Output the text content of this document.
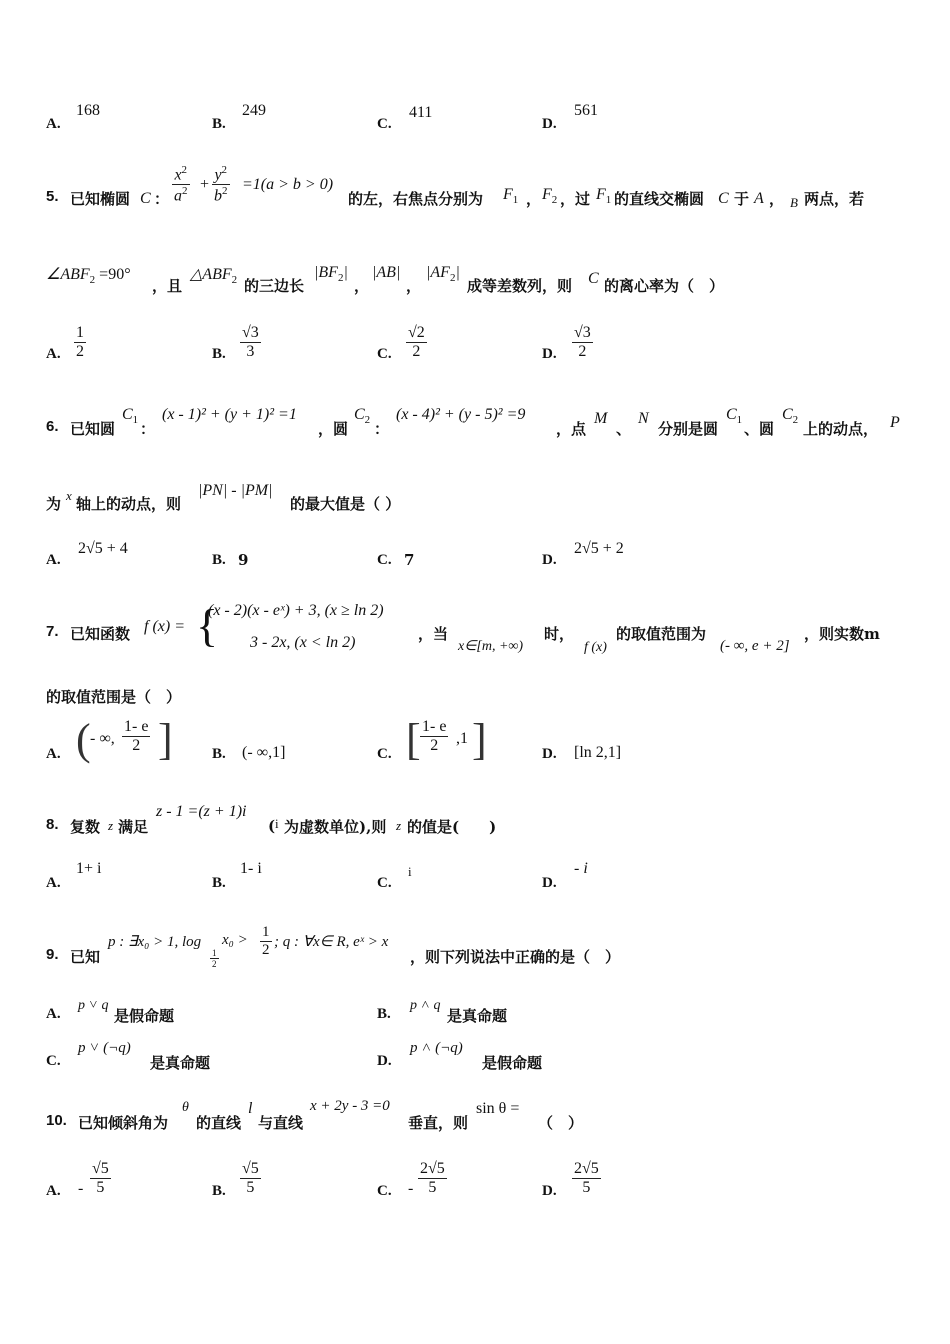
A.
168
B.
249
C.
411
D.
561
5. 已知椭圆 C ： $\frac{x^2}{a^2} + \frac{y^2}{b^2} =1(a > b > 0)$
的左，右焦点分别为 $F_1$ ， $F_2$ ，过 $F_1$ 的直线交椭圆 C 于 A ， B 两点，若
$\angle ABF_2 =90^\circ$
，且
$\triangle ABF_2$ 的三边长
$|BF_2|$
，
|AB|
，
$|AF_2|$
成等差数列，则 C 的离心率为（　）
A. $\frac{1}{2}$	B. $\frac{√3}{3}$	C. $\frac{√2}{2}$	D. $\frac{√3}{2}$
6. 已知圆
$C_1$ ：
(x - 1)² + (y + 1)² =1
，圆
$C_2$ ：
(x - 4)² + (y - 5)² =9
，点
M
、
N
分别是圆
$C_1$ 、圆
$C_2$ 上的动点， P
为 x 轴上的动点，则
|PN| - |PM|
的最大值是（ ）
A.
2√5 + 4
B. 9	C. 7	D.
2√5 + 2
7. 已知函数 f (x) = {
(x - 2)(x - eˣ) + 3, (x ≥ ln 2)
3 - 2x, (x < ln 2)	，当
x∈[m, +∞)
时，
f (x)
的取值范围为
(- ∞, e + 2]
，则实数m
的取值范围是（　）
A. ( - ∞, $\frac{1- e}{2}$ ]	B. (- ∞,1]	C. [ $\frac{1- e}{2} ,1$ ]	D. [ln 2,1]
8. 复数 z 满足
z - 1 =(z + 1)i
( i 为虚数单位),则 z 的值是(　　)
A.
1+ i
B.
1- i
C.
i
D.
- i
9. 已知
p : ∃x₀ > 1, log
$\frac{1}{2}$
$x_0 > \frac{1}{2}$ ; q : ∀x∈ R, eˣ > x
，则下列说法中正确的是（　）
A.
p ˅ q
是假命题	B.
p ˄ q
是真命题
C.
p ˅ (¬q)
是真命题	D.
p ˄ (¬q)
是假命题
10. 已知倾斜角为
θ
的直线
l
与直线
x + 2y - 3 =0
垂直，则
sin θ =
（　）
A. - $\frac{√5}{5}$	B. $\frac{√5}{5}$	C. - $\frac{2√5}{5}$	D. $\frac{2√5}{5}$
